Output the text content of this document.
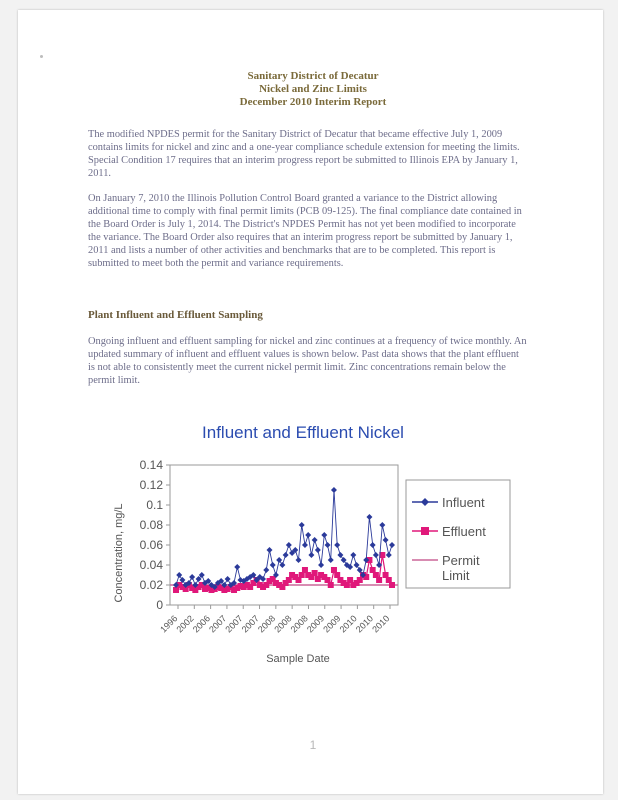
Sanitary District of Decatur
Nickel and Zinc Limits
December 2010 Interim Report

The modified NPDES permit for the Sanitary District of Decatur that became effective July 1, 2009 contains limits for nickel and zinc and a one-year compliance schedule extension for meeting the limits. Special Condition 17 requires that an interim progress report be submitted to Illinois EPA by January 1, 2011.

On January 7, 2010 the Illinois Pollution Control Board granted a variance to the District allowing additional time to comply with final permit limits (PCB 09-125). The final compliance date contained in the Board Order is July 1, 2014. The District's NPDES Permit has not yet been modified to incorporate the variance. The Board Order also requires that an interim progress report be submitted by January 1, 2011 and lists a number of other activities and benchmarks that are to be completed. This report is submitted to meet both the permit and variance requirements.

Plant Influent and Effluent Sampling

Ongoing influent and effluent sampling for nickel and zinc continues at a frequency of twice monthly. An updated summary of influent and effluent values is shown below. Past data shows that the plant effluent is not able to consistently meet the current nickel permit limit. Zinc concentrations remain below the permit limit.

Influent and Effluent Nickel
0
0.02
0.04
0.06
0.08
0.1
0.12
0.14
1996
2002
2006
2007
2007
2007
2008
2008
2008
2009
2009
2010
2010
2010
Concentration, mg/L
Sample Date
Influent
Effluent
Permit Limit
1
